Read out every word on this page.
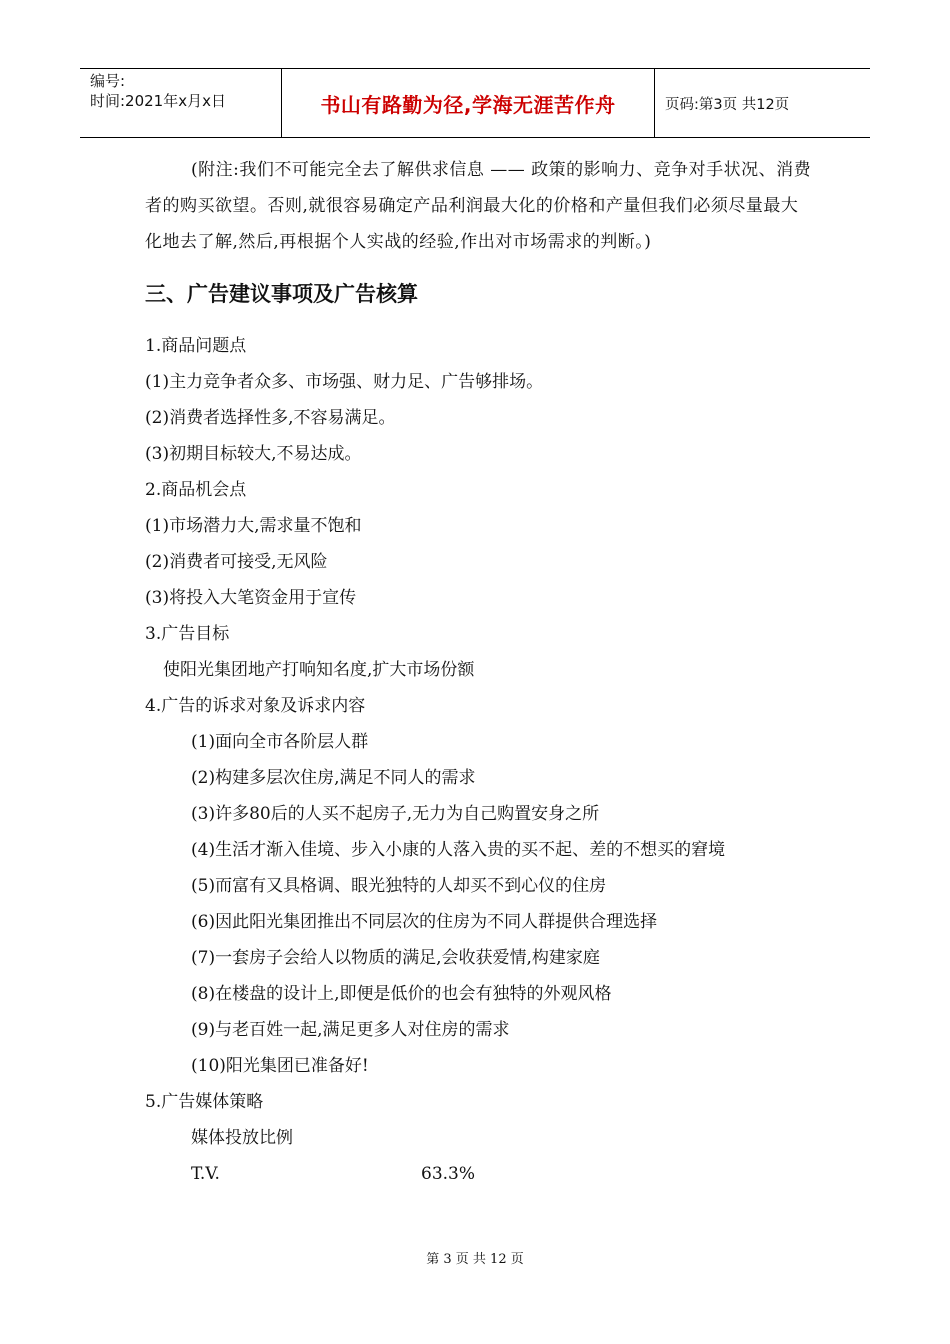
编号:
时间:2021年x月x日	书山有路勤为径,学海无涯苦作舟	页码:第3页 共12页

(附注:我们不可能完全去了解供求信息 —— 政策的影响力、竞争对手状况、消费者的购买欲望。否则,就很容易确定产品利润最大化的价格和产量但我们必须尽量最大化地去了解,然后,再根据个人实战的经验,作出对市场需求的判断。)

三、广告建议事项及广告核算
1.商品问题点
(1)主力竞争者众多、市场强、财力足、广告够排场。
(2)消费者选择性多,不容易满足。
(3)初期目标较大,不易达成。
2.商品机会点
(1)市场潜力大,需求量不饱和
(2)消费者可接受,无风险
(3)将投入大笔资金用于宣传
3.广告目标
使阳光集团地产打响知名度,扩大市场份额
4.广告的诉求对象及诉求内容
(1)面向全市各阶层人群
(2)构建多层次住房,满足不同人的需求
(3)许多80后的人买不起房子,无力为自己购置安身之所
(4)生活才渐入佳境、步入小康的人落入贵的买不起、差的不想买的窘境
(5)而富有又具格调、眼光独特的人却买不到心仪的住房
(6)因此阳光集团推出不同层次的住房为不同人群提供合理选择
(7)一套房子会给人以物质的满足,会收获爱情,构建家庭
(8)在楼盘的设计上,即便是低价的也会有独特的外观风格
(9)与老百姓一起,满足更多人对住房的需求
(10)阳光集团已准备好!
5.广告媒体策略
媒体投放比例
T.V.	63.3%
第 3 页 共 12 页
